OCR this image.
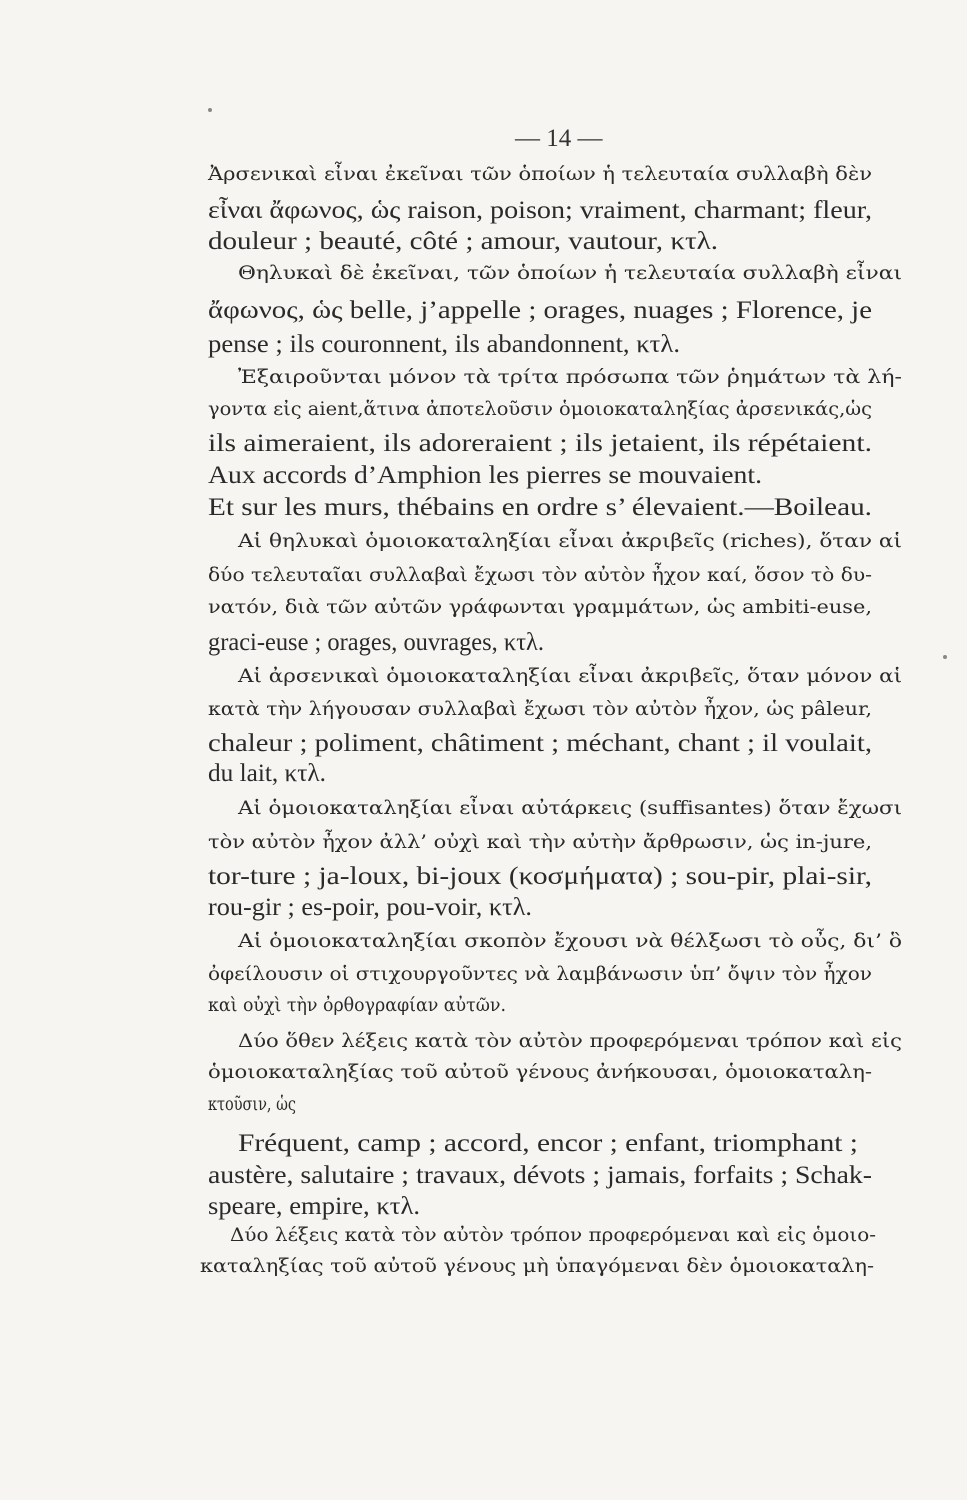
— 14 —
Ἀρσενικαὶ εἶναι ἐκεῖναι τῶν ὁποίων ἡ τελευταία συλλαβὴ δὲν
εἶναι ἄφωνος, ὡς raison, poison; vraiment, charmant; fleur,
douleur ; beauté, côté ; amour, vautour, κτλ.
Θηλυκαὶ δὲ ἐκεῖναι, τῶν ὁποίων ἡ τελευταία συλλαβὴ εἶναι
ἄφωνος, ὡς belle, j’appelle ; orages, nuages ; Florence, je
pense ; ils couronnent, ils abandonnent, κτλ.
Ἐξαιροῦνται μόνον τὰ τρίτα πρόσωπα τῶν ῥημάτων τὰ λή-
γοντα εἰς aient,ἅτινα ἀποτελοῦσιν ὁμοιοκαταληξίας ἀρσενικάς,ὡς
ils aimeraient, ils adoreraient ; ils jetaient, ils répétaient.
Aux accords d’Amphion les pierres se mouvaient.
Et sur les murs, thébains en ordre s’ élevaient.—Boileau.
Αἱ θηλυκαὶ ὁμοιοκαταληξίαι εἶναι ἀκριβεῖς (riches), ὅταν αἱ
δύο τελευταῖαι συλλαβαὶ ἔχωσι τὸν αὐτὸν ἦχον καί, ὅσον τὸ δυ-
νατόν, διὰ τῶν αὐτῶν γράφωνται γραμμάτων, ὡς ambiti-euse,
graci-euse ; orages, ouvrages, κτλ.
Αἱ ἀρσενικαὶ ὁμοιοκαταληξίαι εἶναι ἀκριβεῖς, ὅταν μόνον αἱ
κατὰ τὴν λήγουσαν συλλαβαὶ ἔχωσι τὸν αὐτὸν ἦχον, ὡς pâleur,
chaleur ; poliment, châtiment ; méchant, chant ; il voulait,
du lait, κτλ.
Αἱ ὁμοιοκαταληξίαι εἶναι αὐτάρκεις (suffisantes) ὅταν ἔχωσι
τὸν αὐτὸν ἦχον ἀλλ’ οὐχὶ καὶ τὴν αὐτὴν ἄρθρωσιν, ὡς in-jure,
tor-ture ; ja-loux, bi-joux (κοσμήματα) ; sou-pir, plai-sir,
rou-gir ; es-poir, pou-voir, κτλ.
Αἱ ὁμοιοκαταληξίαι σκοπὸν ἔχουσι νὰ θέλξωσι τὸ οὖς, δι’ ὃ
ὀφείλουσιν οἱ στιχουργοῦντες νὰ λαμβάνωσιν ὑπ’ ὄψιν τὸν ἦχον
καὶ οὐχὶ τὴν ὀρθογραφίαν αὐτῶν.
Δύο ὅθεν λέξεις κατὰ τὸν αὐτὸν προφερόμεναι τρόπον καὶ εἰς
ὁμοιοκαταληξίας τοῦ αὐτοῦ γένους ἀνήκουσαι, ὁμοιοκαταλη-
κτοῦσιν, ὡς
Fréquent, camp ; accord, encor ; enfant, triomphant ;
austère, salutaire ; travaux, dévots ; jamais, forfaits ; Schak-
speare, empire, κτλ.
Δύο λέξεις κατὰ τὸν αὐτὸν τρόπον προφερόμεναι καὶ εἰς ὁμοιο-
καταληξίας τοῦ αὐτοῦ γένους μὴ ὑπαγόμεναι δὲν ὁμοιοκαταλη-
